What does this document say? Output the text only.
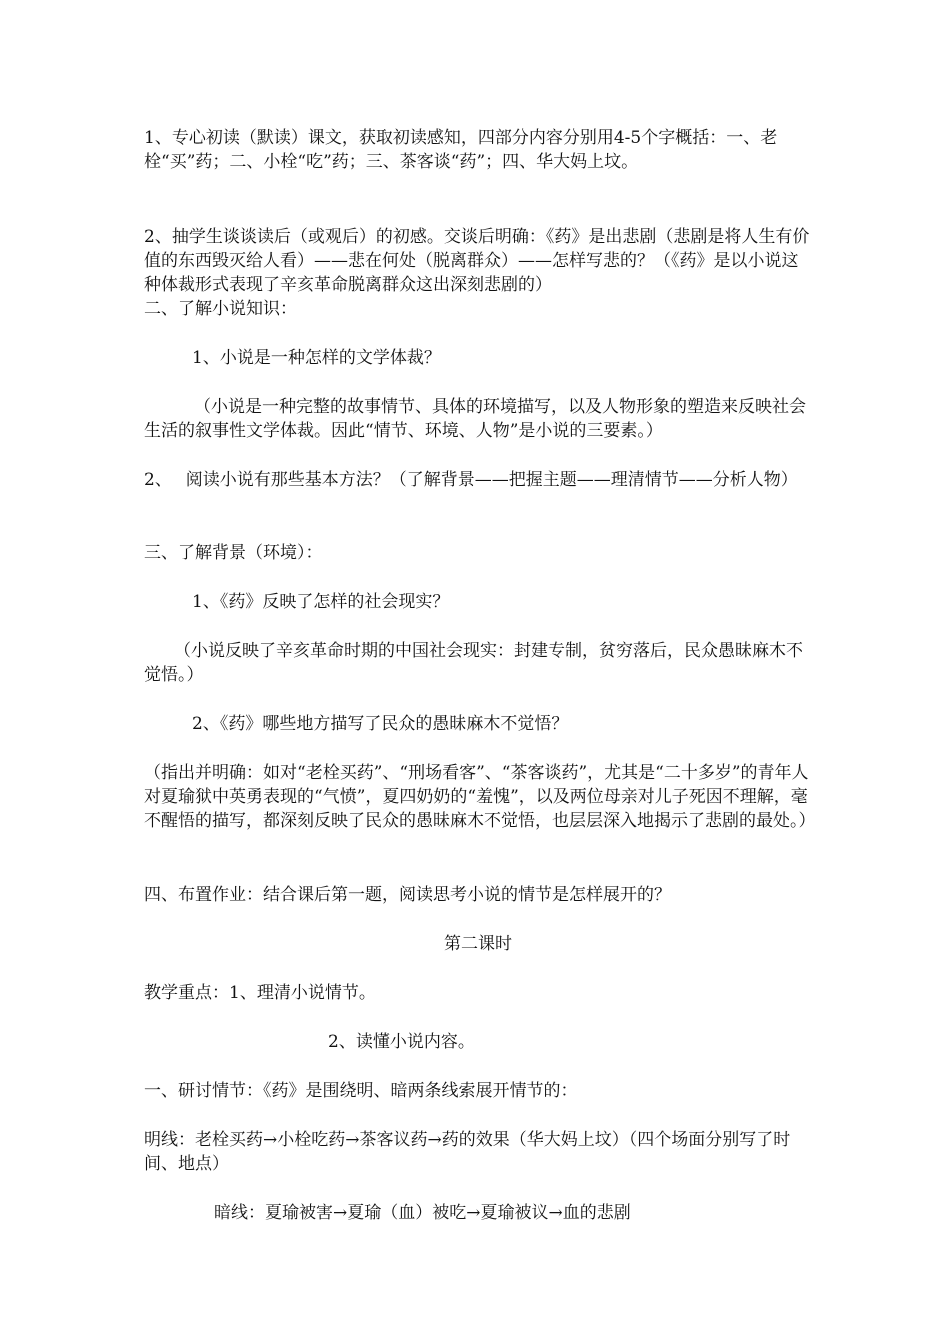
1、专心初读（默读）课文，获取初读感知，四部分内容分别用4-5个字概括：一、老栓“买”药；二、小栓“吃”药；三、茶客谈“药”；四、华大妈上坟。

2、抽学生谈谈读后（或观后）的初感。交谈后明确：《药》是出悲剧（悲剧是将人生有价值的东西毁灭给人看）——悲在何处（脱离群众）——怎样写悲的？（《药》是以小说这种体裁形式表现了辛亥革命脱离群众这出深刻悲剧的）

二、了解小说知识：

1、小说是一种怎样的文学体裁？

（小说是一种完整的故事情节、具体的环境描写，以及人物形象的塑造来反映社会生活的叙事性文学体裁。因此“情节、环境、人物”是小说的三要素。）

2、　 阅读小说有那些基本方法？（了解背景——把握主题——理清情节——分析人物）

三、了解背景（环境）：

1、《药》反映了怎样的社会现实？

（小说反映了辛亥革命时期的中国社会现实：封建专制，贫穷落后，民众愚昧麻木不觉悟。）

2、《药》哪些地方描写了民众的愚昧麻木不觉悟？

（指出并明确：如对“老栓买药”、“刑场看客”、“茶客谈药”，尤其是“二十多岁”的青年人对夏瑜狱中英勇表现的“气愤”，夏四奶奶的“羞愧”，以及两位母亲对儿子死因不理解，毫不醒悟的描写，都深刻反映了民众的愚昧麻木不觉悟，也层层深入地揭示了悲剧的最处。）

四、布置作业：结合课后第一题，阅读思考小说的情节是怎样展开的？

第二课时

教学重点：1、理清小说情节。

2、读懂小说内容。

一、研讨情节：《药》是围绕明、暗两条线索展开情节的：

明线：老栓买药→小栓吃药→茶客议药→药的效果（华大妈上坟）（四个场面分别写了时间、地点）

暗线：夏瑜被害→夏瑜（血）被吃→夏瑜被议→血的悲剧
